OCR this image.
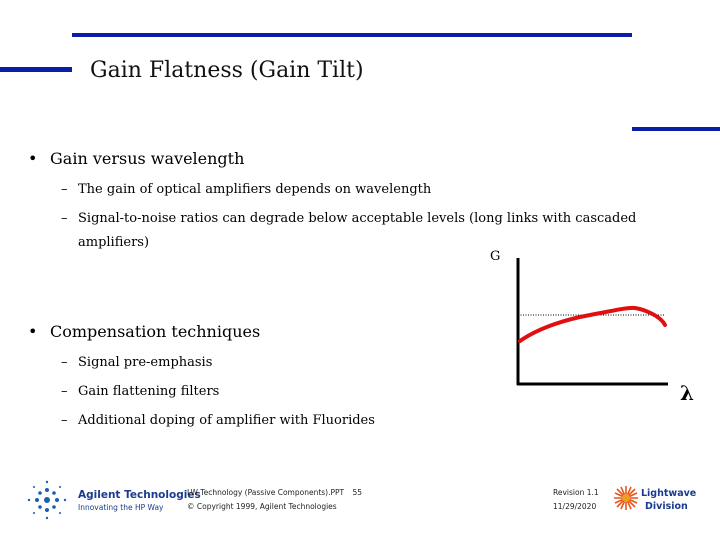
Gain Flatness (Gain Tilt)
• Gain versus wavelength
– The gain of optical amplifiers depends on wavelength
– Signal-to-noise ratios can degrade below acceptable levels (long links with cascaded
amplifiers)
• Compensation techniques
– Signal pre-emphasis
– Gain flattening filters
– Additional doping of amplifier with Fluorides
G
λ
Agilent Technologies
Innovating the HP Way
LW Technology (Passive Components).PPT 55
© Copyright 1999, Agilent Technologies
Revision 1.1
11/29/2020
Lightwave
Division
